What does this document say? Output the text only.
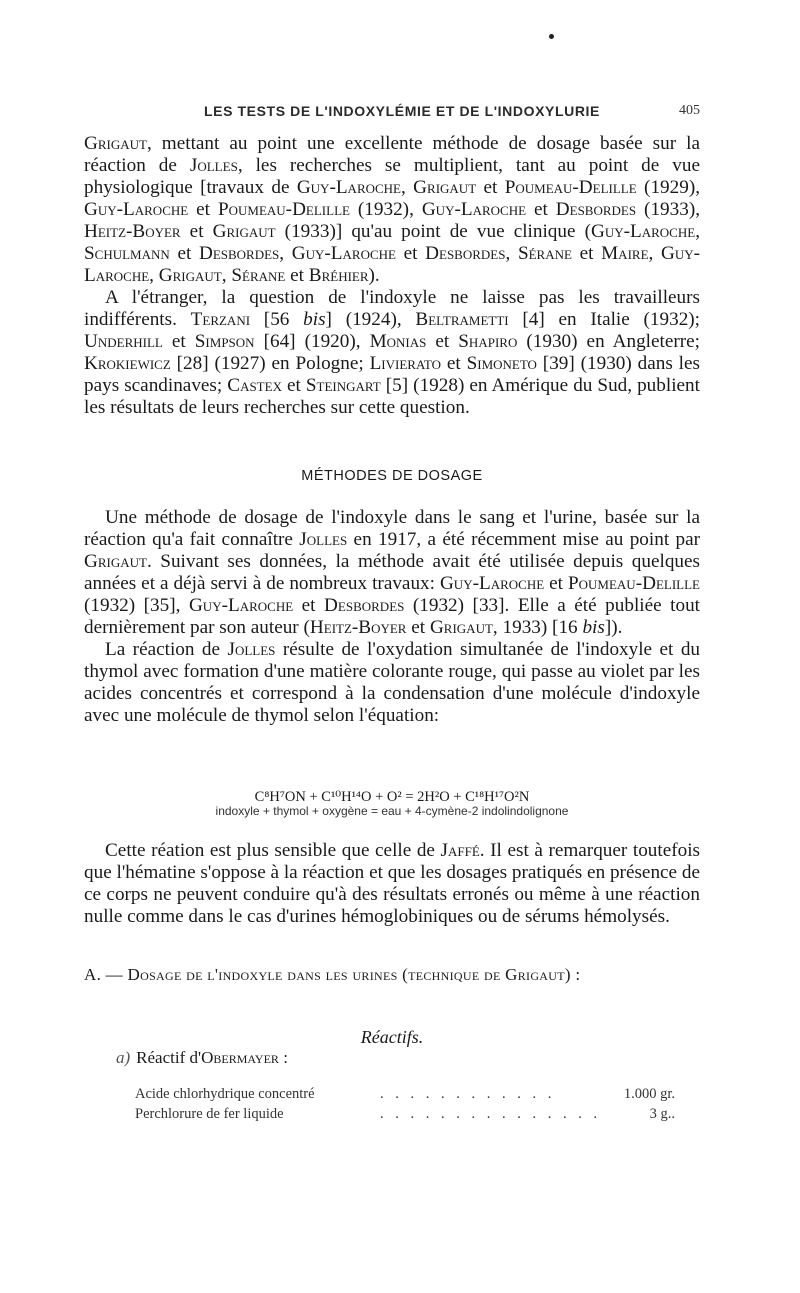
LES TESTS DE L'INDOXYLÉMIE ET DE L'INDOXYLURIE	405

Grigaut, mettant au point une excellente méthode de dosage basée sur la réaction de Jolles, les recherches se multiplient, tant au point de vue physiologique [travaux de Guy-Laroche, Grigaut et Poumeau-Delille (1929), Guy-Laroche et Poumeau-Delille (1932), Guy-Laroche et Desbordes (1933), Heitz-Boyer et Grigaut (1933)] qu'au point de vue clinique (Guy-Laroche, Schulmann et Desbordes, Guy-Laroche et Desbordes, Sérane et Maire, Guy-Laroche, Grigaut, Sérane et Bréhier).

A l'étranger, la question de l'indoxyle ne laisse pas les travailleurs indifférents. Terzani [56 bis] (1924), Beltrametti [4] en Italie (1932); Underhill et Simpson [64] (1920), Monias et Shapiro (1930) en Angleterre; Krokiewicz [28] (1927) en Pologne; Livierato et Simoneto [39] (1930) dans les pays scandinaves; Castex et Steingart [5] (1928) en Amérique du Sud, publient les résultats de leurs recherches sur cette question.

MÉTHODES DE DOSAGE

Une méthode de dosage de l'indoxyle dans le sang et l'urine, basée sur la réaction qu'a fait connaître Jolles en 1917, a été récemment mise au point par Grigaut. Suivant ses données, la méthode avait été utilisée depuis quelques années et a déjà servi à de nombreux travaux: Guy-Laroche et Poumeau-Delille (1932) [35], Guy-Laroche et Desbordes (1932) [33]. Elle a été publiée tout dernièrement par son auteur (Heitz-Boyer et Grigaut, 1933) [16 bis]).

La réaction de Jolles résulte de l'oxydation simultanée de l'indoxyle et du thymol avec formation d'une matière colorante rouge, qui passe au violet par les acides concentrés et correspond à la condensation d'une molécule d'indoxyle avec une molécule de thymol selon l'équation:

C⁸H⁷ON + C¹⁰H¹⁴O + O² = 2H²O + C¹⁸H¹⁷O²N
indoxyle + thymol + oxygène = eau + 4-cymène-2 indolindolignone

Cette réation est plus sensible que celle de Jaffé. Il est à remarquer toutefois que l'hématine s'oppose à la réaction et que les dosages pratiqués en présence de ce corps ne peuvent conduire qu'à des résultats erronés ou même à une réaction nulle comme dans le cas d'urines hémoglobiniques ou de sérums hémolysés.

A. — Dosage de l'indoxyle dans les urines (technique de Grigaut) :
Réactifs.
a) Réactif d'Obermayer :
Acide chlorhydrique concentré	. . . . . . . . . . . .	1.000 gr.
Perchlorure de fer liquide	. . . . . . . . . . . . . . .	3 g..
